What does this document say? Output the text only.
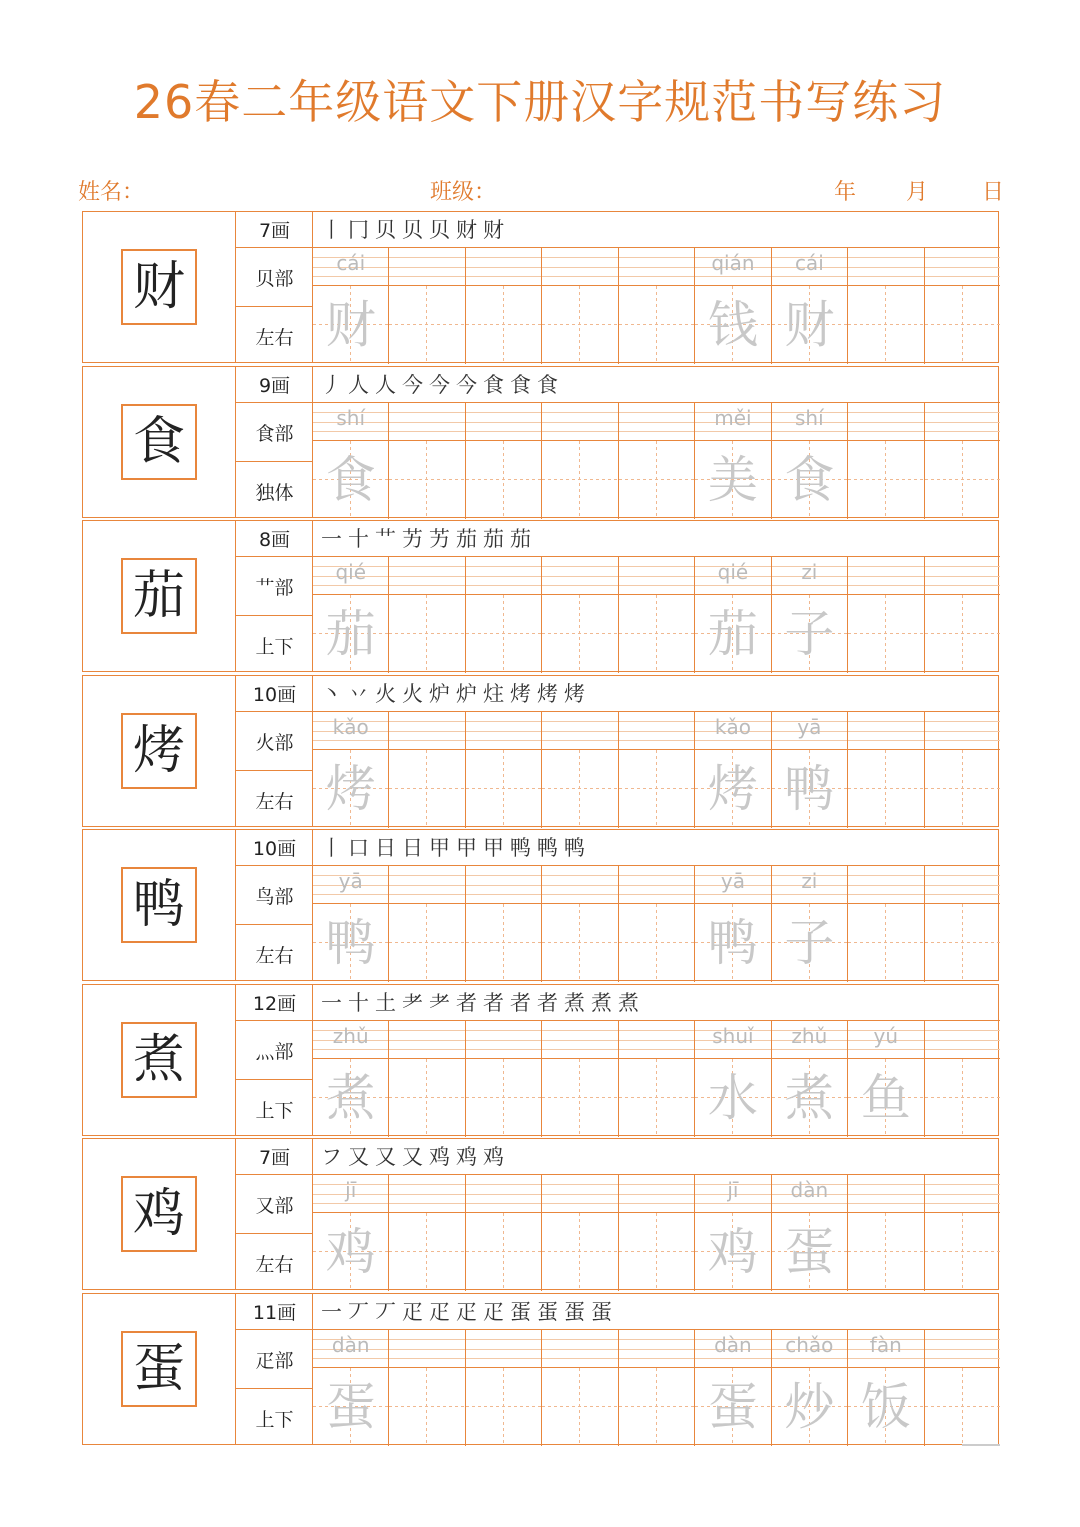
26春二年级语文下册汉字规范书写练习
姓名：	班级：	年 月 日
财
7画
贝部
左右
丨冂贝贝贝财财
cái
财
qián
钱
cái
财
食
9画
食部
独体
丿人人今今今食食食
shí
食
měi
美
shí
食
茄
8画
艹部
上下
一十艹艻艻茄茄茄
qié
茄
qié
茄
zi
子
烤
10画
火部
左右
丶丷火火炉炉炷烤烤烤
kǎo
烤
kǎo
烤
yā
鸭
鸭
10画
鸟部
左右
丨口日日甲甲甲鸭鸭鸭
yā
鸭
yā
鸭
zi
子
煮
12画
灬部
上下
一十土耂耂者者者者煮煮煮
zhǔ
煮
shuǐ
水
zhǔ
煮
yú
鱼
鸡
7画
又部
左右
フ又又又鸡鸡鸡
jī
鸡
jī
鸡
dàn
蛋
蛋
11画
疋部
上下
一丆丆疋疋疋疋蛋蛋蛋蛋
dàn
蛋
dàn
蛋
chǎo
炒
fàn
饭
